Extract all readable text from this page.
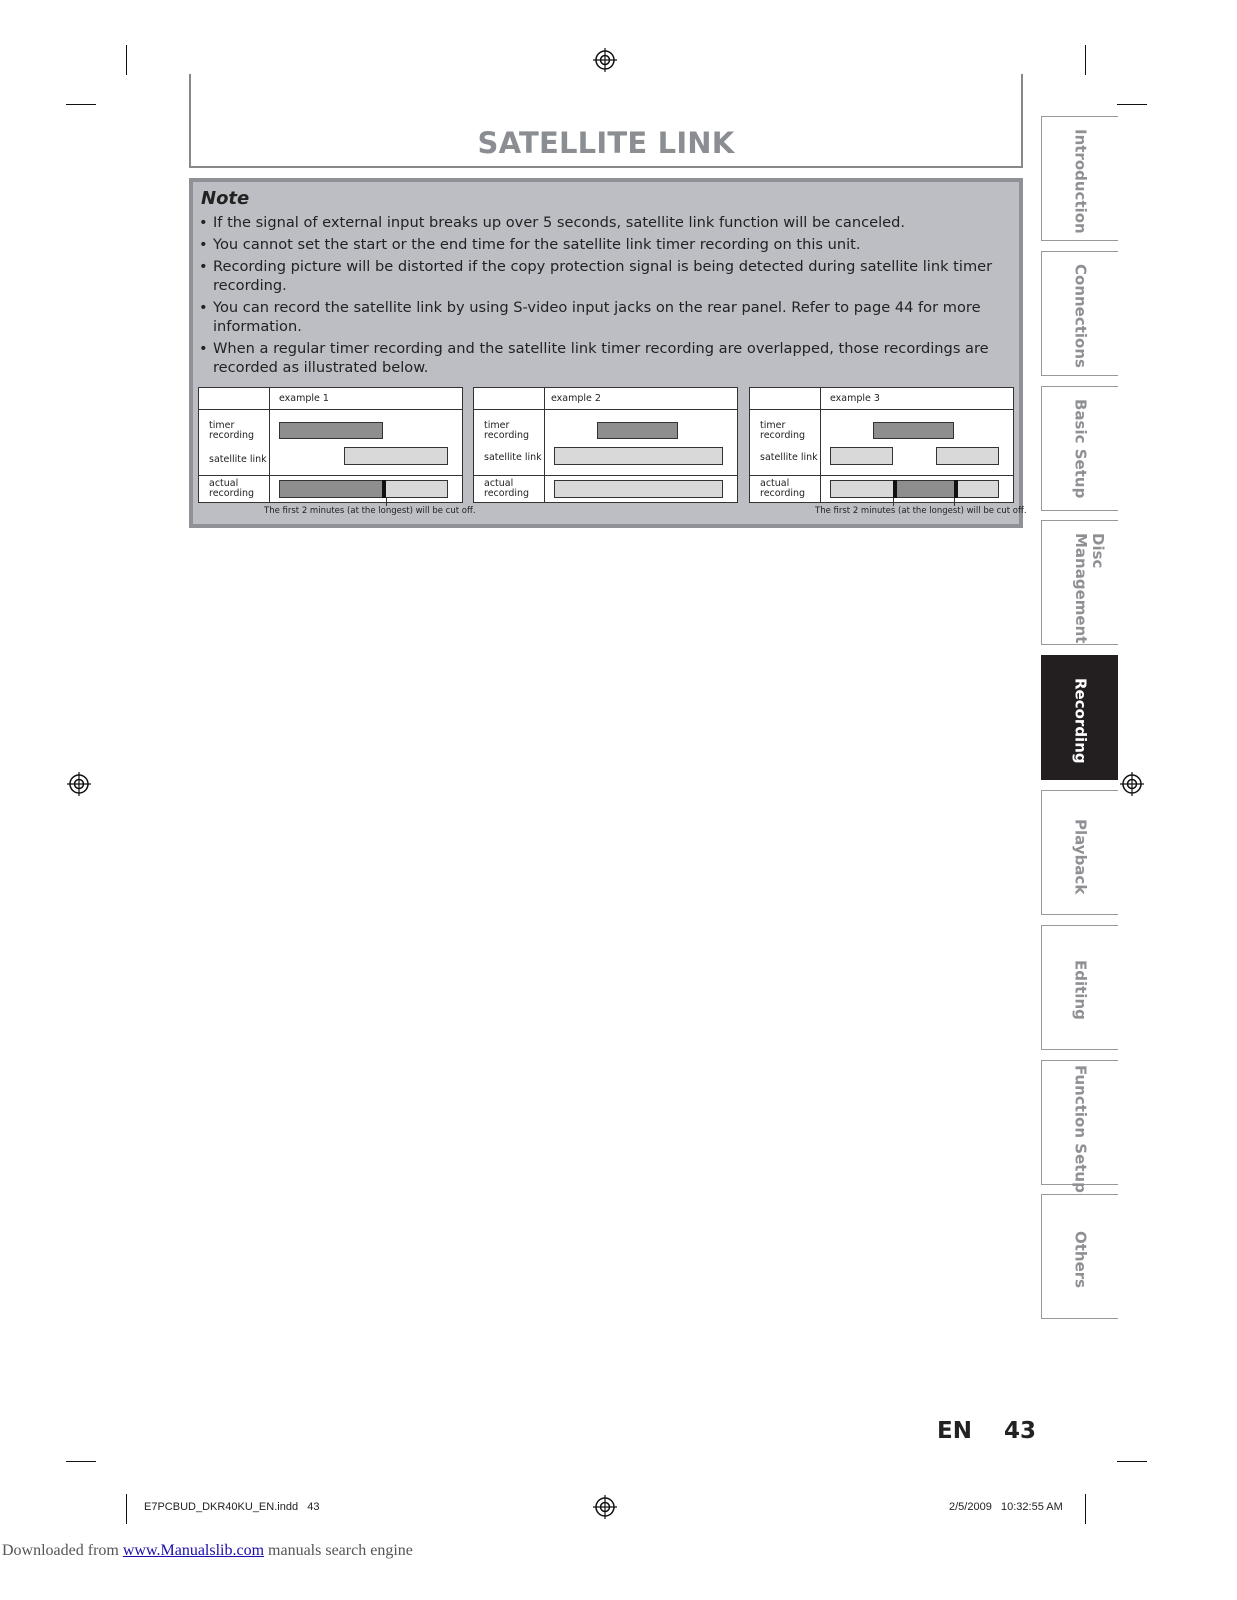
SATELLITE LINK
Note
• If the signal of external input breaks up over 5 seconds, satellite link function will be canceled.
• You cannot set the start or the end time for the satellite link timer recording on this unit.
• Recording picture will be distorted if the copy protection signal is being detected during satellite link timer recording.
• You can record the satellite link by using S-video input jacks on the rear panel. Refer to page 44 for more information.
• When a regular timer recording and the satellite link timer recording are overlapped, those recordings are recorded as illustrated below.
example 1
timer recording
satellite link
actual recording
example 2
timer recording
satellite link
actual recording
example 3
timer recording
satellite link
actual recording
The first 2 minutes (at the longest) will be cut off.	The first 2 minutes (at the longest) will be cut off.
Introduction
Connections
Basic Setup
Disc Management
Recording
Playback
Editing
Function Setup
Others
EN 43
E7PCBUD_DKR40KU_EN.indd   43	2/5/2009   10:32:55 AM
Downloaded from www.Manualslib.com manuals search engine
